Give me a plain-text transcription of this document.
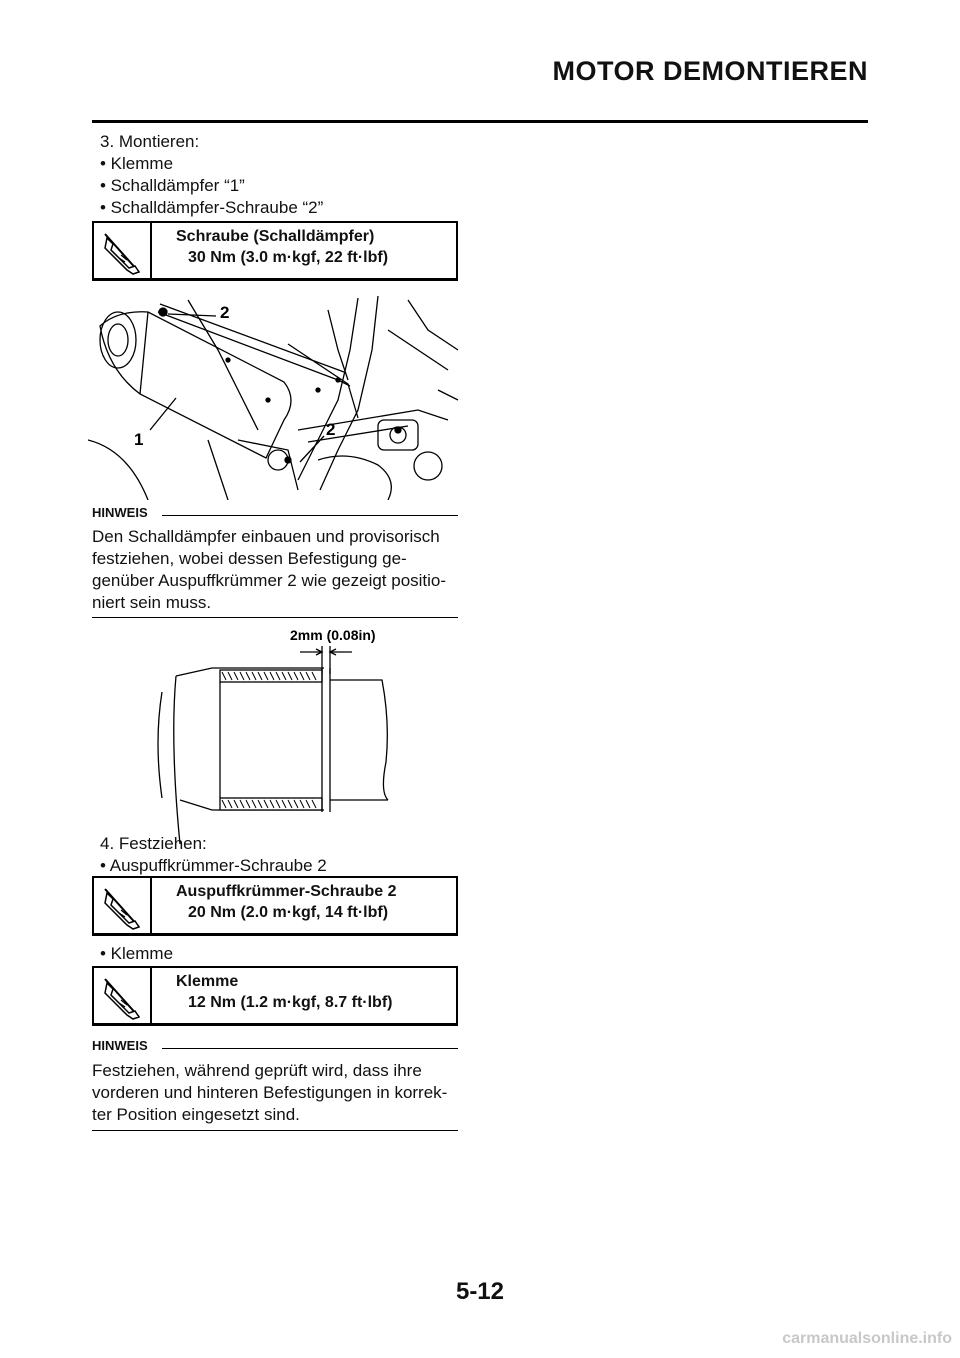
MOTOR DEMONTIEREN
3. Montieren:
• Klemme
• Schalldämpfer “1”
• Schalldämpfer-Schraube “2”
Schraube (Schalldämpfer)
30 Nm (3.0 m·kgf, 22 ft·lbf)
2
1
2
HINWEIS
Den Schalldämpfer einbauen und provisorisch
festziehen, wobei dessen Befestigung ge-
genüber Auspuffkrümmer 2 wie gezeigt positio-
niert sein muss.
2mm (0.08in)
4. Festziehen:
• Auspuffkrümmer-Schraube 2
Auspuffkrümmer-Schraube 2
20 Nm (2.0 m·kgf, 14 ft·lbf)
• Klemme
Klemme
12 Nm (1.2 m·kgf, 8.7 ft·lbf)
HINWEIS
Festziehen, während geprüft wird, dass ihre
vorderen und hinteren Befestigungen in korrek-
ter Position eingesetzt sind.
5-12
carmanualsonline.info
